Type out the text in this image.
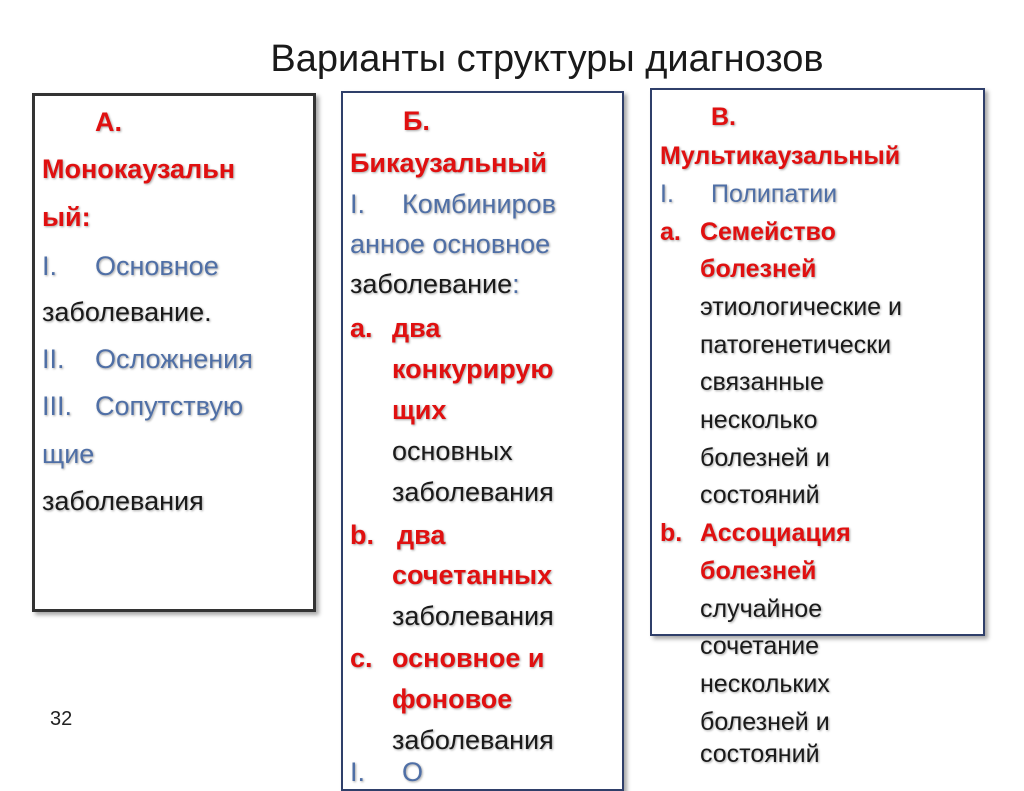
Варианты структуры диагнозов
А.
Монокаузальн
ый:
I. Основное
заболевание.
II. Осложнения
III. Сопутствую
щие
заболевания
Б.
Бикаузальный
I. Комбиниров
анное основное
заболевание:
a. два
конкурирую
щих
основных
заболевания
b. два
сочетанных
заболевания
c. основное и
фоновое
заболевания
I. О
В.
Мультикаузальный
I. Полипатии
a. Семейство
болезней
этиологические и
патогенетически
связанные
несколько
болезней и
состояний
b. Ассоциация
болезней
случайное
сочетание
нескольких
болезней и
состояний
32
